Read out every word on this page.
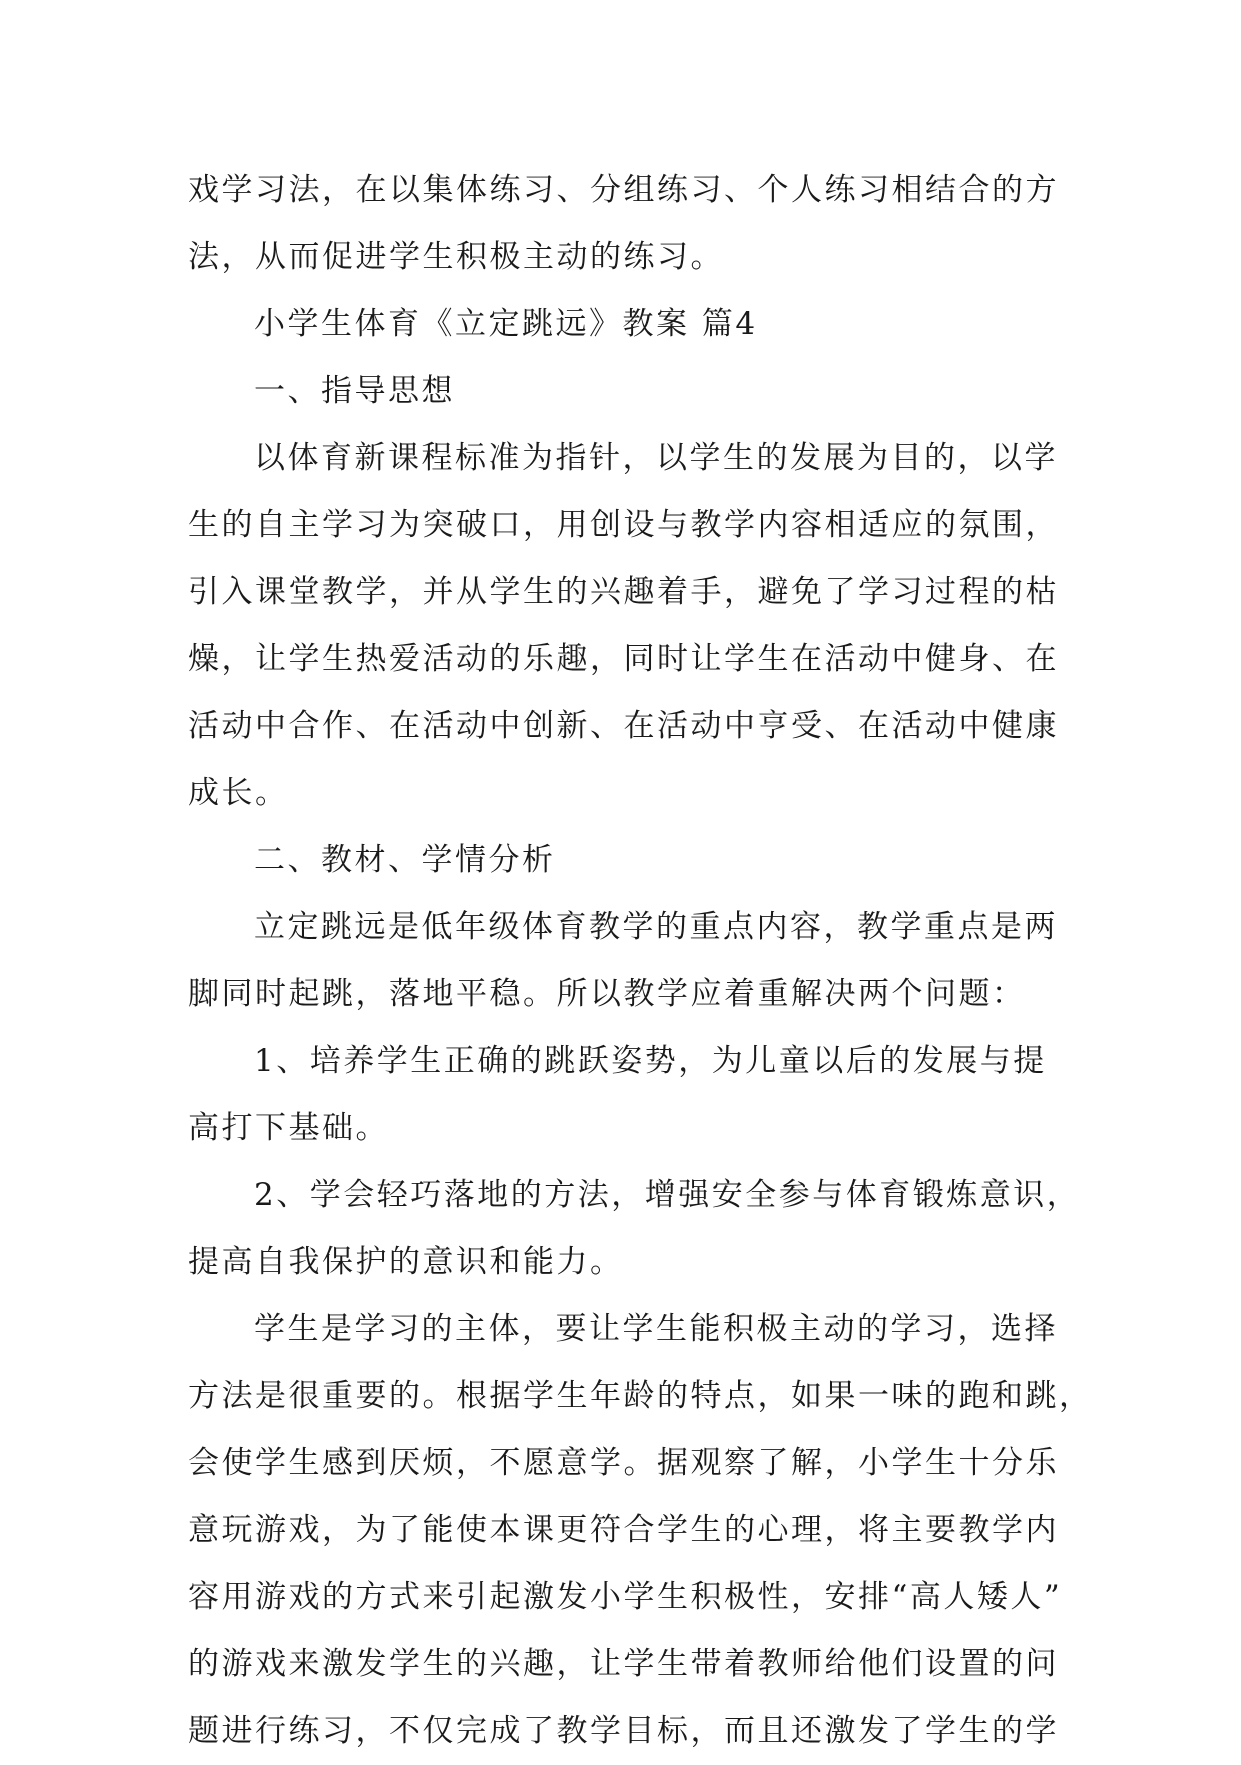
戏学习法，在以集体练习、分组练习、个人练习相结合的方
法，从而促进学生积极主动的练习。
小学生体育《立定跳远》教案 篇4
一、指导思想
以体育新课程标准为指针，以学生的发展为目的，以学
生的自主学习为突破口，用创设与教学内容相适应的氛围，
引入课堂教学，并从学生的兴趣着手，避免了学习过程的枯
燥，让学生热爱活动的乐趣，同时让学生在活动中健身、在
活动中合作、在活动中创新、在活动中亨受、在活动中健康
成长。
二、教材、学情分析
立定跳远是低年级体育教学的重点内容，教学重点是两
脚同时起跳，落地平稳。所以教学应着重解决两个问题：
1、培养学生正确的跳跃姿势，为儿童以后的发展与提
高打下基础。
2、学会轻巧落地的方法，增强安全参与体育锻炼意识，
提高自我保护的意识和能力。
学生是学习的主体，要让学生能积极主动的学习，选择
方法是很重要的。根据学生年龄的特点，如果一味的跑和跳，
会使学生感到厌烦，不愿意学。据观察了解，小学生十分乐
意玩游戏，为了能使本课更符合学生的心理，将主要教学内
容用游戏的方式来引起激发小学生积极性，安排“高人矮人”
的游戏来激发学生的兴趣，让学生带着教师给他们设置的问
题进行练习，不仅完成了教学目标，而且还激发了学生的学
